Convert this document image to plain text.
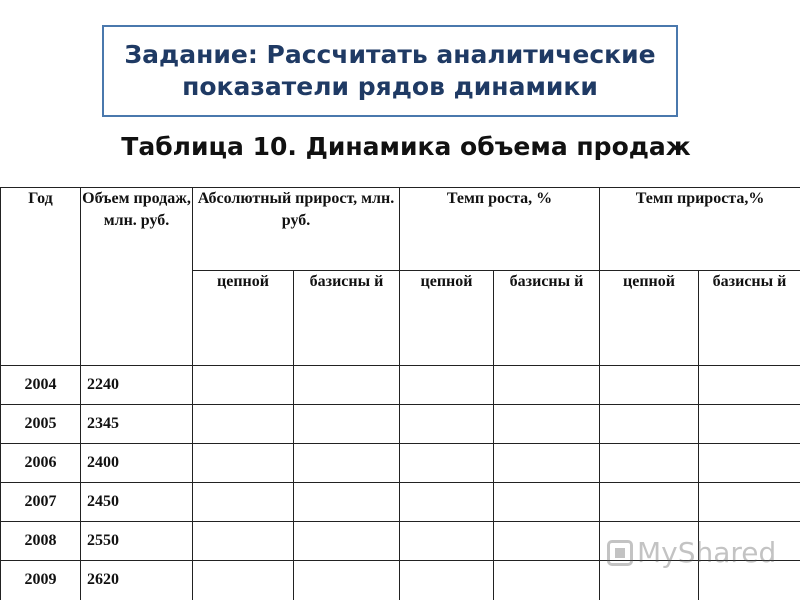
Задание: Рассчитать аналитические
показатели рядов динамики
Таблица 10. Динамика объема продаж
Год	Объем продаж, млн. руб.	Абсолютный прирост, млн. руб.		Темп роста, %		Темп прироста,%	
		цепной	базисны й	цепной	базисны й	цепной	базисны й
2004	2240						
2005	2345						
2006	2400						
2007	2450						
2008	2550						
2009	2620						
MyShared
